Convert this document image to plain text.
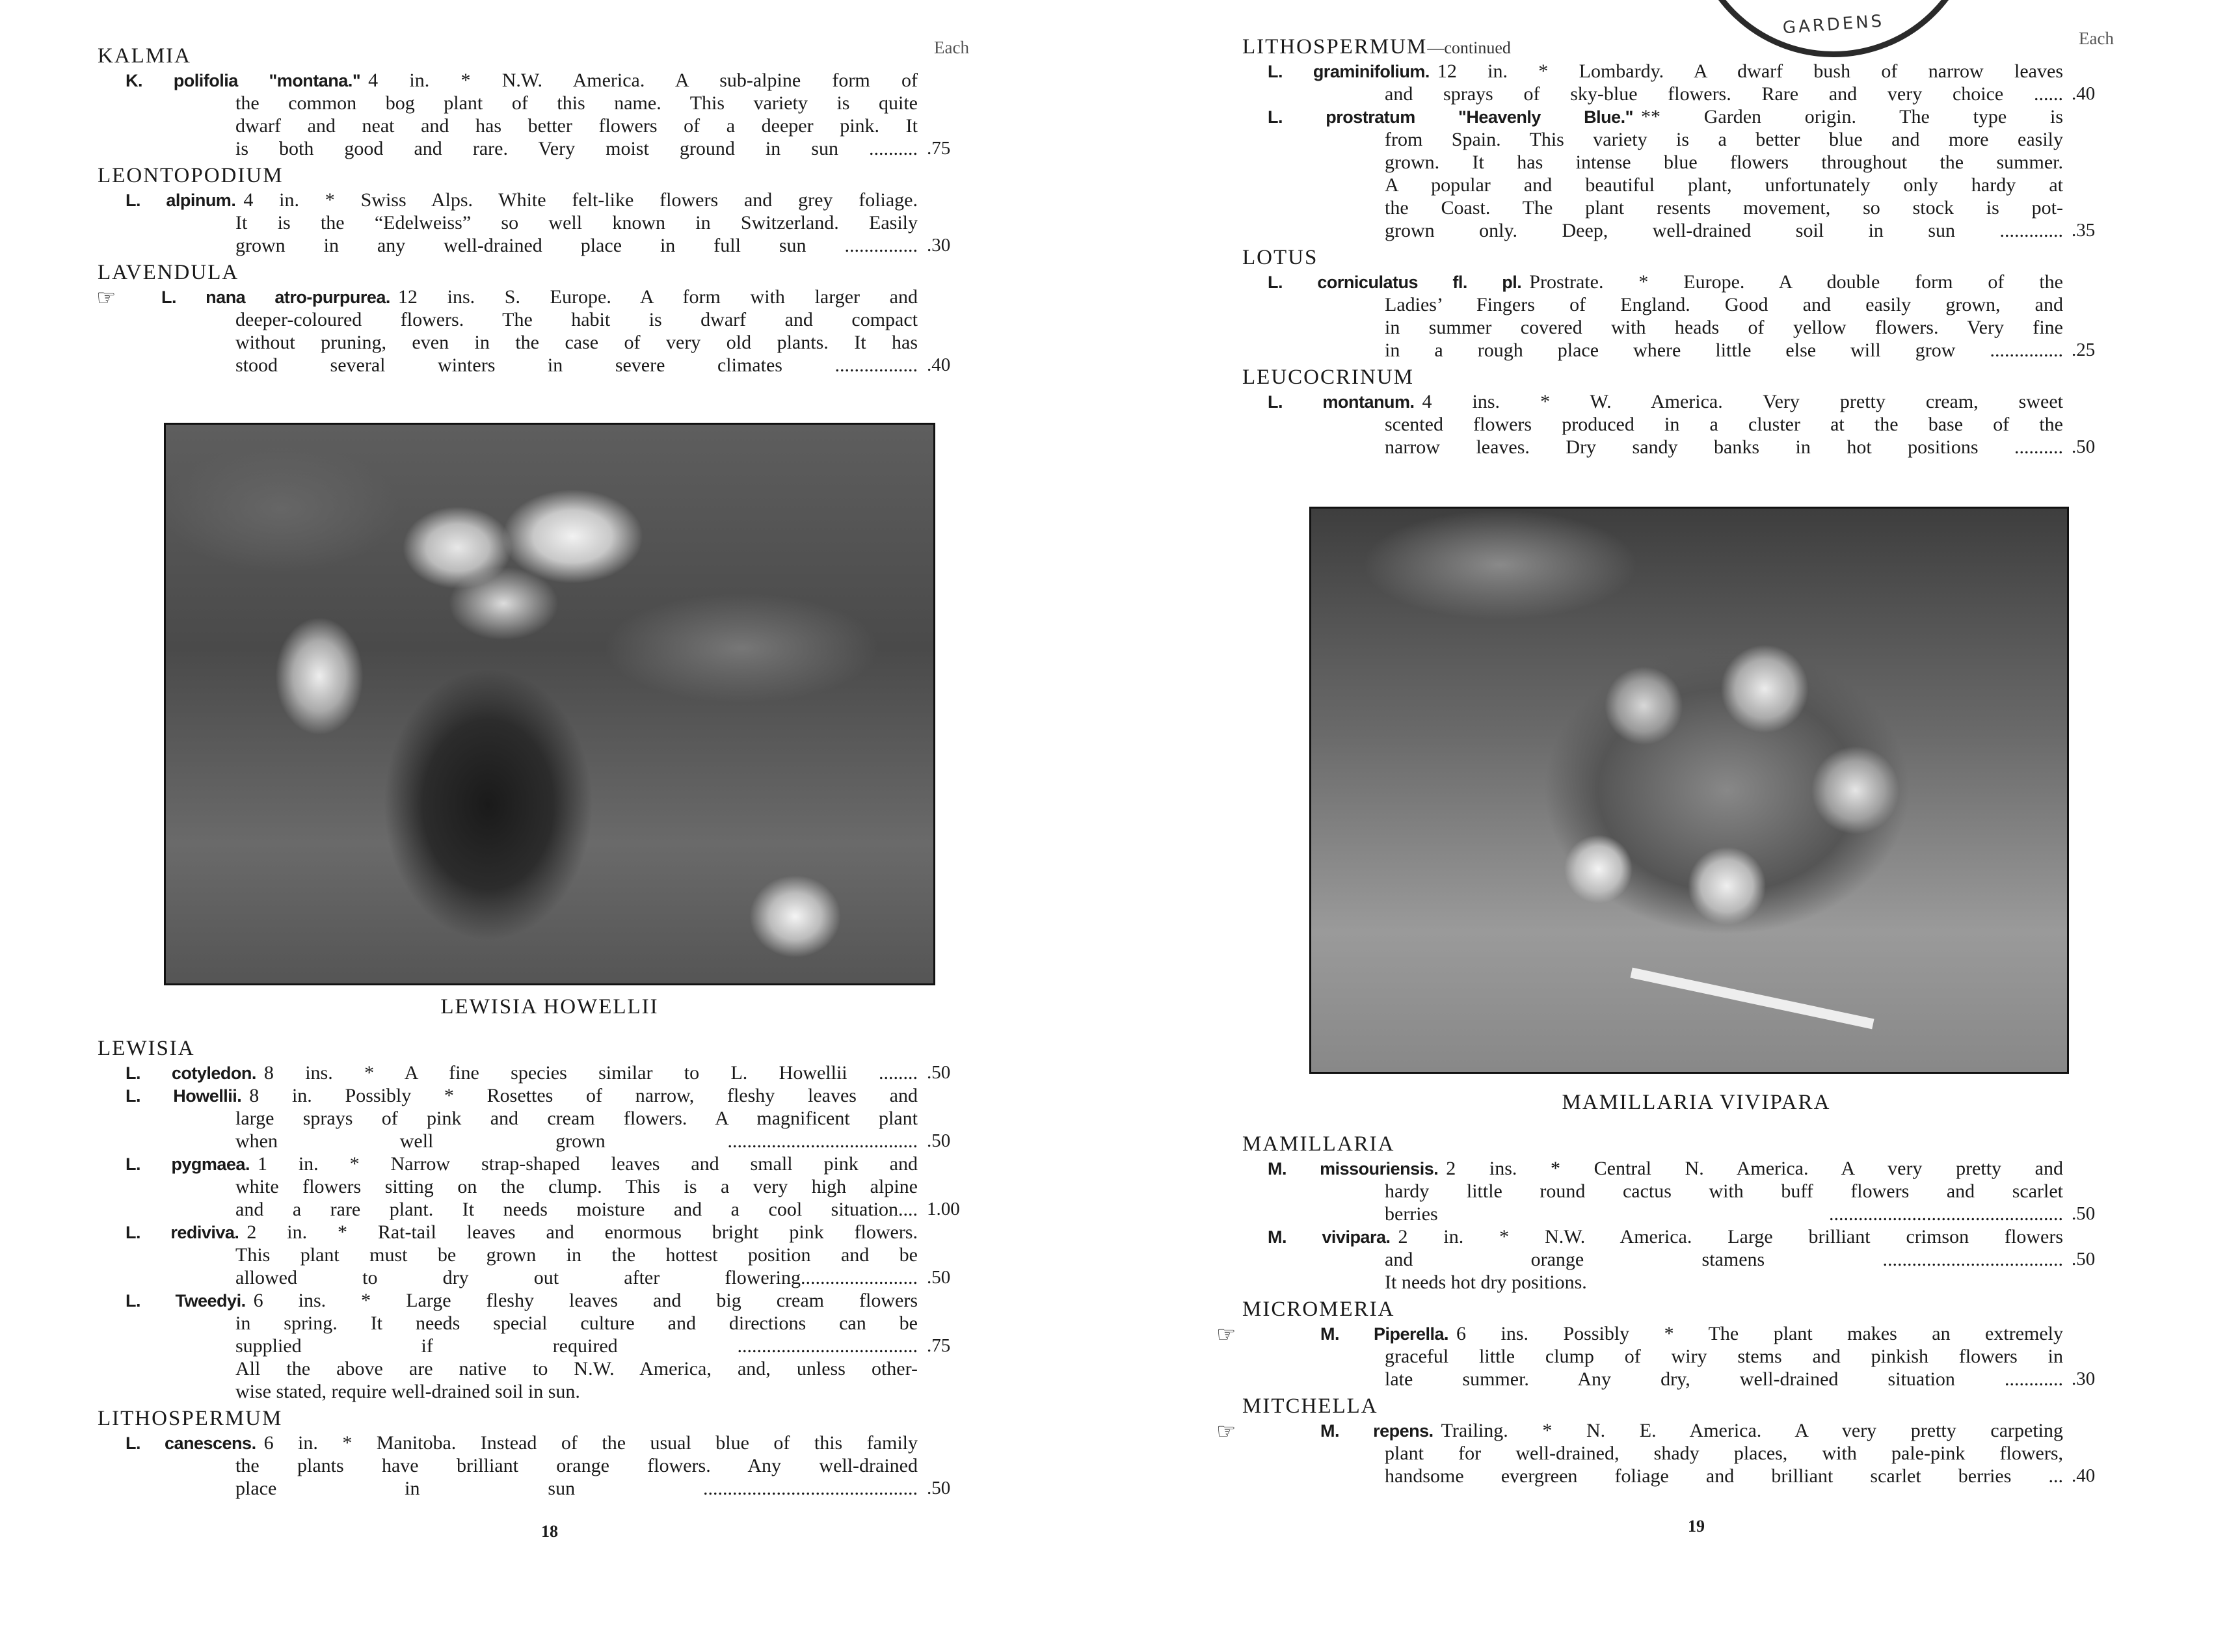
Each
KALMIA
K. polifolia "montana." 4 in. * N.W. America. A sub-alpine form of
the common bog plant of this name. This variety is quite
dwarf and neat and has better flowers of a deeper pink. It
is both good and rare. Very moist ground in sun .......... .75
LEONTOPODIUM
L. alpinum. 4 in. * Swiss Alps. White felt-like flowers and grey foliage.
It is the “Edelweiss” so well known in Switzerland. Easily
grown in any well-drained place in full sun ............... .30
LAVENDULA
☞	L. nana atro-purpurea. 12 ins. S. Europe. A form with larger and
deeper-coloured flowers. The habit is dwarf and compact
without pruning, even in the case of very old plants. It has
stood several winters in severe climates ................. .40
LEWISIA HOWELLII
LEWISIA
L. cotyledon. 8 ins. * A fine species similar to L. Howellii ........ .50
L. Howellii. 8 in. Possibly * Rosettes of narrow, fleshy leaves and
large sprays of pink and cream flowers. A magnificent plant
when well grown ....................................... .50
L. pygmaea. 1 in. * Narrow strap-shaped leaves and small pink and
white flowers sitting on the clump. This is a very high alpine
and a rare plant. It needs moisture and a cool situation.... 1.00
L. rediviva. 2 in. * Rat-tail leaves and enormous bright pink flowers.
This plant must be grown in the hottest position and be
allowed to dry out after flowering........................ .50
L. Tweedyi. 6 ins. * Large fleshy leaves and big cream flowers
in spring. It needs special culture and directions can be
supplied if required ..................................... .75
All the above are native to N.W. America, and, unless other-
wise stated, require well-drained soil in sun.
LITHOSPERMUM
L. canescens. 6 in. * Manitoba. Instead of the usual blue of this family
the plants have brilliant orange flowers. Any well-drained
place in sun ............................................ .50
18
GARDENS
Each
LITHOSPERMUM—continued
L. graminifolium. 12 in. * Lombardy. A dwarf bush of narrow leaves
and sprays of sky-blue flowers. Rare and very choice ...... .40
L. prostratum "Heavenly Blue." ** Garden origin. The type is
from Spain. This variety is a better blue and more easily
grown. It has intense blue flowers throughout the summer.
A popular and beautiful plant, unfortunately only hardy at
the Coast. The plant resents movement, so stock is pot-
grown only. Deep, well-drained soil in sun ............. .35
LOTUS
L. corniculatus fl. pl. Prostrate. * Europe. A double form of the
Ladies’ Fingers of England. Good and easily grown, and
in summer covered with heads of yellow flowers. Very fine
in a rough place where little else will grow ............... .25
LEUCOCRINUM
L. montanum. 4 ins. * W. America. Very pretty cream, sweet
scented flowers produced in a cluster at the base of the
narrow leaves. Dry sandy banks in hot positions .......... .50
MAMILLARIA VIVIPARA
MAMILLARIA
M. missouriensis. 2 ins. * Central N. America. A very pretty and
hardy little round cactus with buff flowers and scarlet
berries ................................................ .50
M. vivipara. 2 in. * N.W. America. Large brilliant crimson flowers
and orange stamens ..................................... .50
It needs hot dry positions.
MICROMERIA
☞	M. Piperella. 6 ins. Possibly * The plant makes an extremely
graceful little clump of wiry stems and pinkish flowers in
late summer. Any dry, well-drained situation ............ .30
MITCHELLA
☞	M. repens. Trailing. * N. E. America. A very pretty carpeting
plant for well-drained, shady places, with pale-pink flowers,
handsome evergreen foliage and brilliant scarlet berries ... .40
19
